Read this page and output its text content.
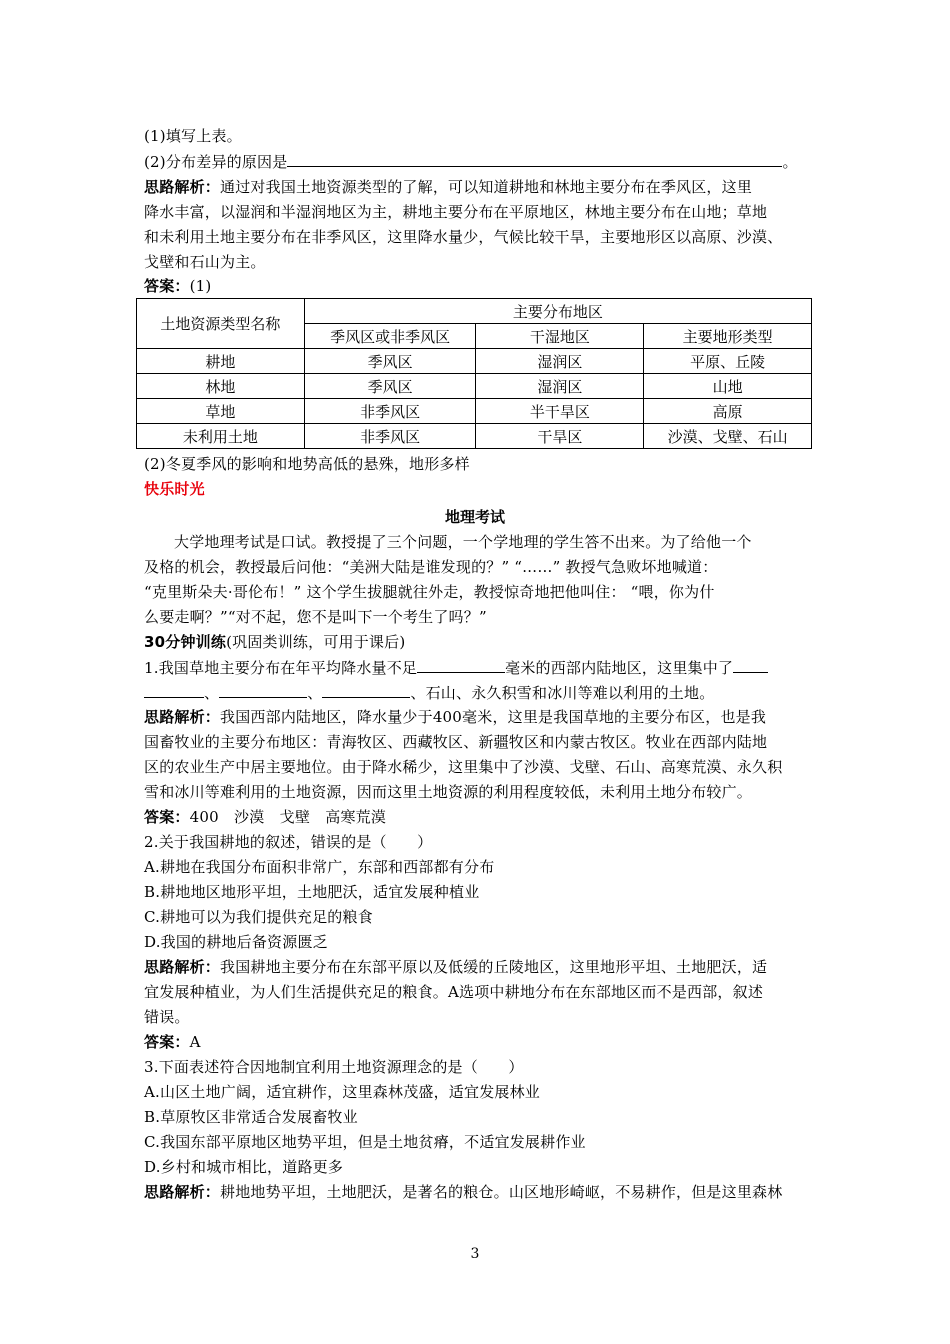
(1)填写上表。
(2)分布差异的原因是	。
思路解析：通过对我国土地资源类型的了解，可以知道耕地和林地主要分布在季风区，这里
降水丰富，以湿润和半湿润地区为主，耕地主要分布在平原地区，林地主要分布在山地；草地
和未利用土地主要分布在非季风区，这里降水量少，气候比较干旱，主要地形区以高原、沙漠、
戈壁和石山为主。
答案：(1)
土地资源类型名称	主要分布地区		
	季风区或非季风区	干湿地区	主要地形类型
耕地	季风区	湿润区	平原、丘陵
林地	季风区	湿润区	山地
草地	非季风区	半干旱区	高原
未利用土地	非季风区	干旱区	沙漠、戈壁、石山
(2)冬夏季风的影响和地势高低的悬殊，地形多样
快乐时光
地理考试
大学地理考试是口试。教授提了三个问题，一个学地理的学生答不出来。为了给他一个
及格的机会，教授最后问他：“美洲大陆是谁发现的？” “……” 教授气急败坏地喊道：
“克里斯朵夫·哥伦布！” 这个学生拔腿就往外走，教授惊奇地把他叫住： “喂，你为什
么要走啊？”“对不起，您不是叫下一个考生了吗？”
30分钟训练(巩固类训练，可用于课后)
1.我国草地主要分布在年平均降水量不足	毫米的西部内陆地区，这里集中了
、	、	、石山、永久积雪和冰川等难以利用的土地。
思路解析：我国西部内陆地区，降水量少于400毫米，这里是我国草地的主要分布区，也是我
国畜牧业的主要分布地区：青海牧区、西藏牧区、新疆牧区和内蒙古牧区。牧业在西部内陆地
区的农业生产中居主要地位。由于降水稀少，这里集中了沙漠、戈壁、石山、高寒荒漠、永久积
雪和冰川等难利用的土地资源，因而这里土地资源的利用程度较低，未利用土地分布较广。
答案：400　沙漠　戈壁　高寒荒漠
2.关于我国耕地的叙述，错误的是（　　）
A.耕地在我国分布面积非常广，东部和西部都有分布
B.耕地地区地形平坦，土地肥沃，适宜发展种植业
C.耕地可以为我们提供充足的粮食
D.我国的耕地后备资源匮乏
思路解析：我国耕地主要分布在东部平原以及低缓的丘陵地区，这里地形平坦、土地肥沃，适
宜发展种植业，为人们生活提供充足的粮食。A选项中耕地分布在东部地区而不是西部，叙述
错误。
答案：A
3.下面表述符合因地制宜利用土地资源理念的是（　　）
A.山区土地广阔，适宜耕作，这里森林茂盛，适宜发展林业
B.草原牧区非常适合发展畜牧业
C.我国东部平原地区地势平坦，但是土地贫瘠，不适宜发展耕作业
D.乡村和城市相比，道路更多
思路解析：耕地地势平坦，土地肥沃，是著名的粮仓。山区地形崎岖，不易耕作，但是这里森林
3
